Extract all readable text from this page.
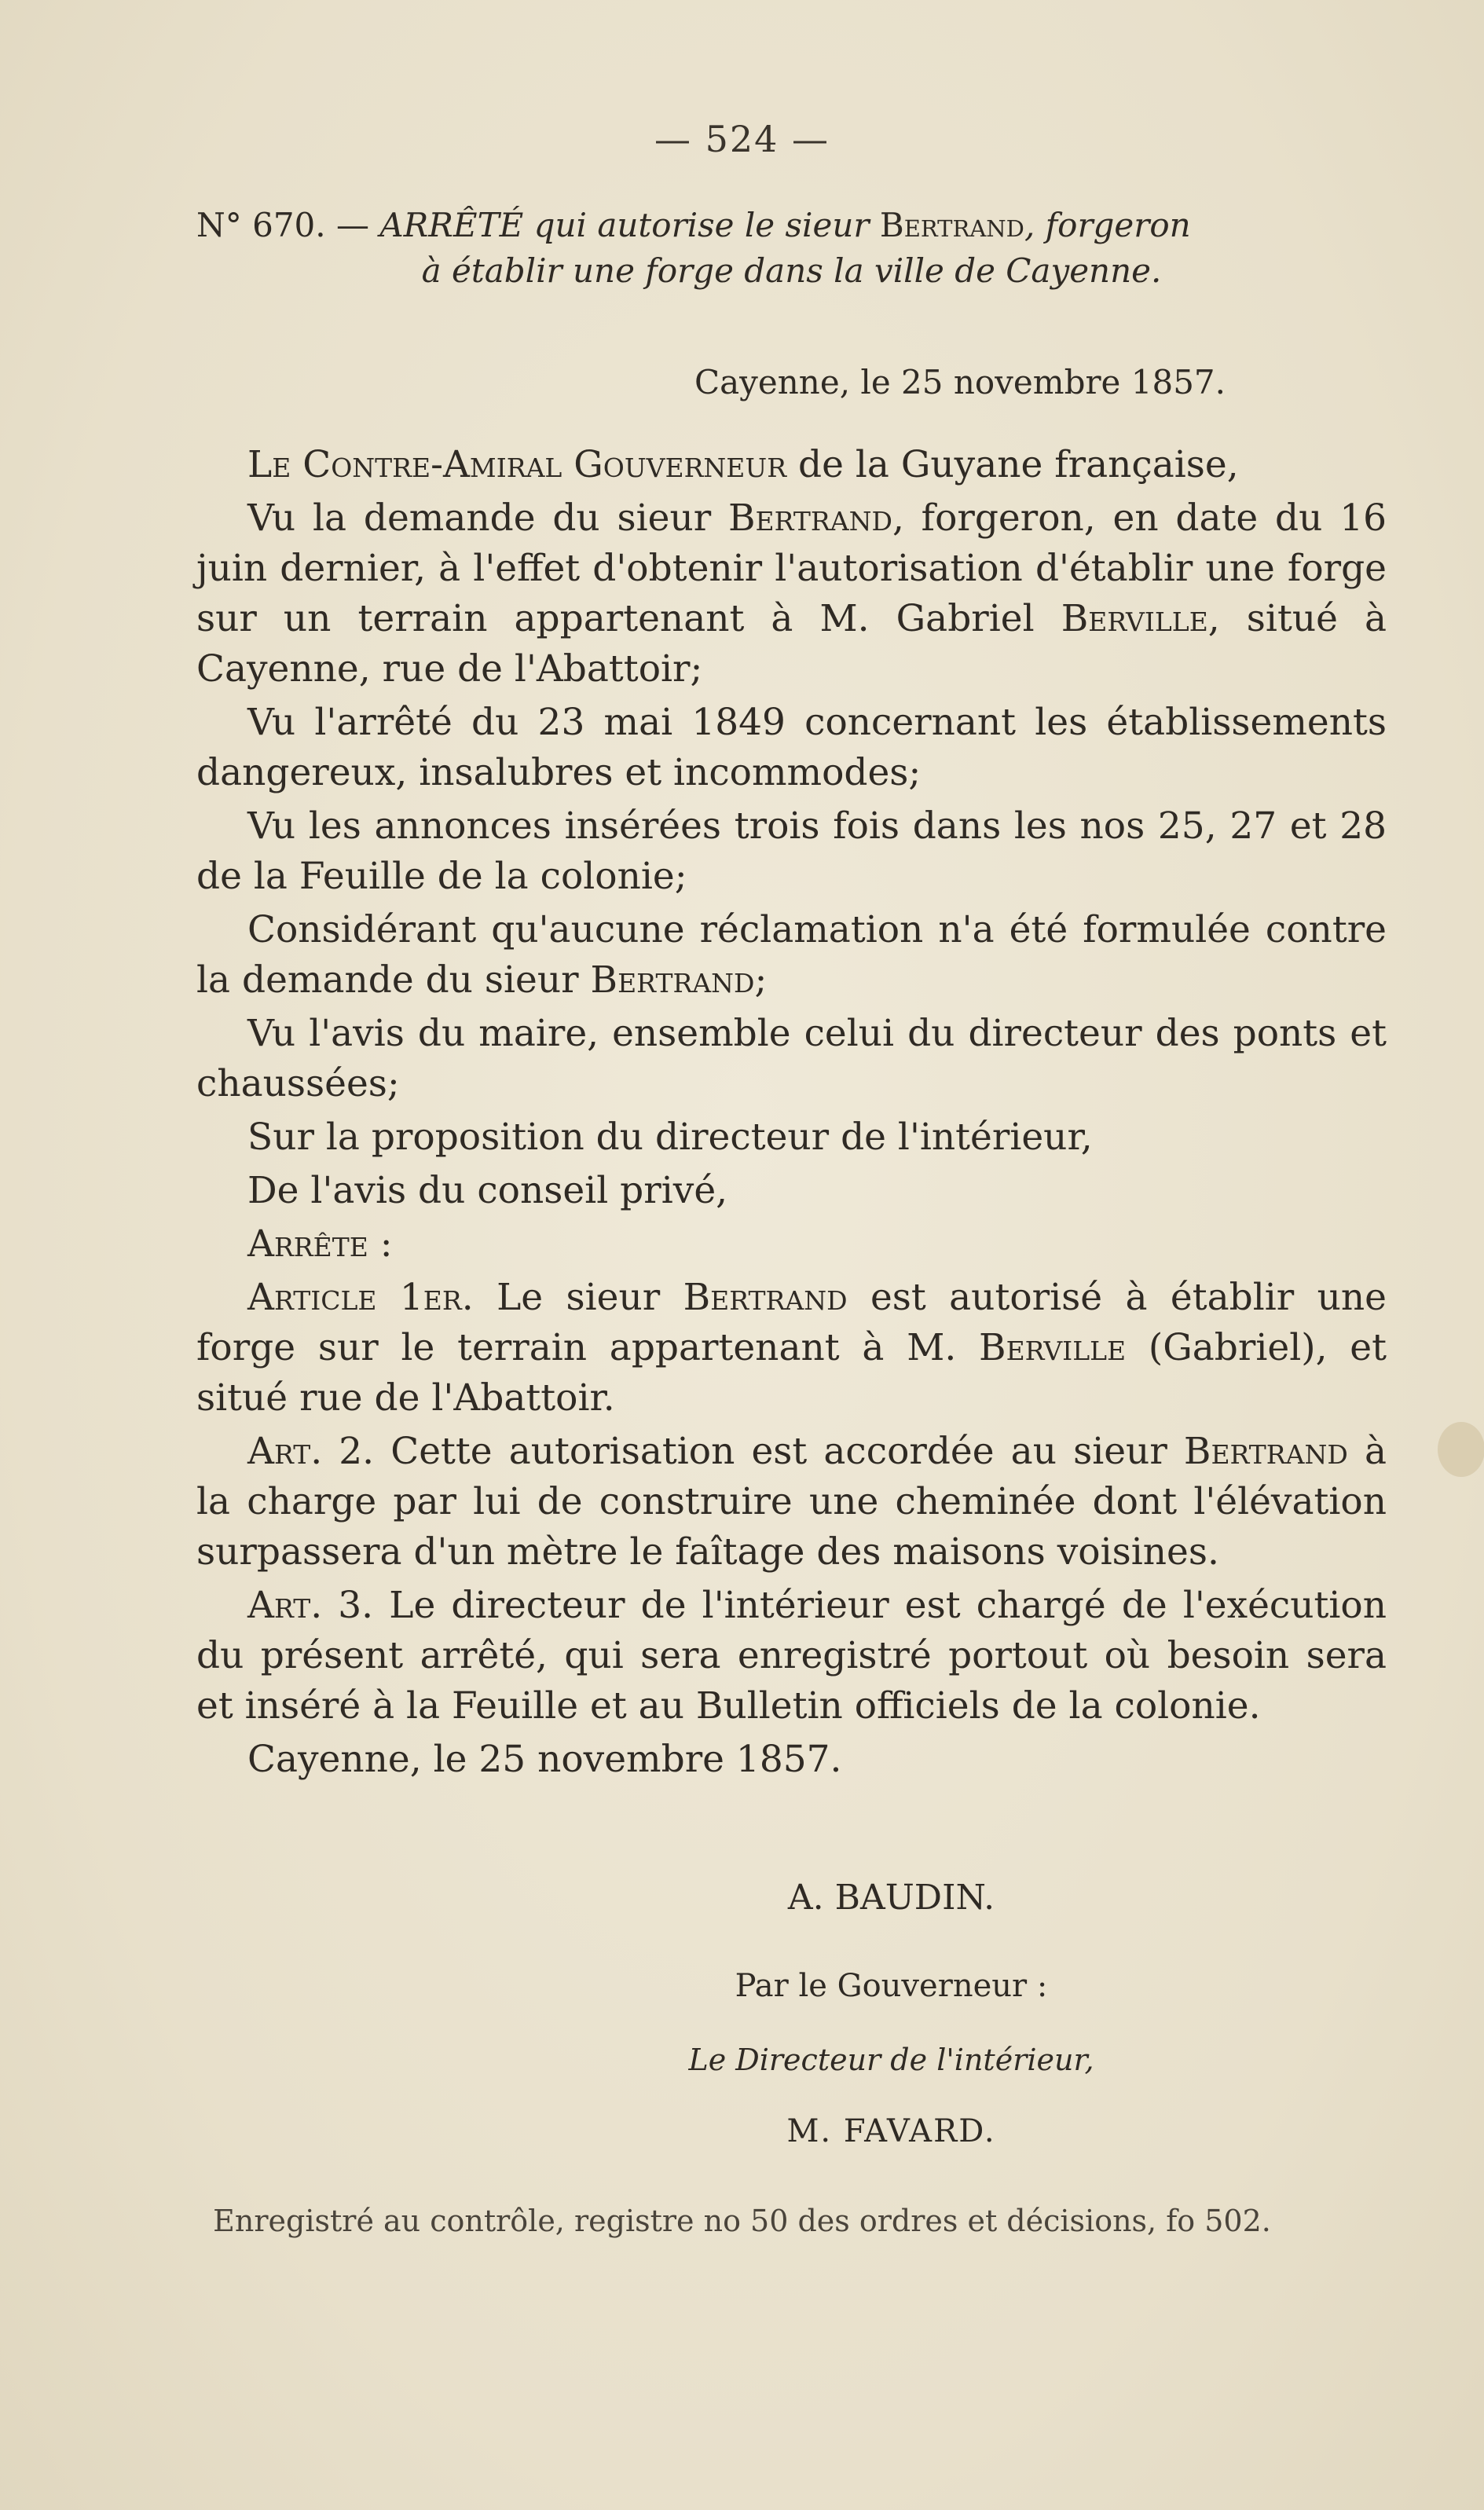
— 524 —
N° 670. — ARRÊTÉ qui autorise le sieur Bertrand, forgeron
à établir une forge dans la ville de Cayenne.
Cayenne, le 25 novembre 1857.

Le Contre-Amiral Gouverneur de la Guyane française,

Vu la demande du sieur Bertrand, forgeron, en date du 16 juin dernier, à l'effet d'obtenir l'autorisation d'établir une forge sur un terrain appartenant à M. Gabriel Berville, situé à Cayenne, rue de l'Abattoir;

Vu l'arrêté du 23 mai 1849 concernant les établissements dangereux, insalubres et incommodes;

Vu les annonces insérées trois fois dans les nos 25, 27 et 28 de la Feuille de la colonie;

Considérant qu'aucune réclamation n'a été formulée contre la demande du sieur Bertrand;

Vu l'avis du maire, ensemble celui du directeur des ponts et chaussées;

Sur la proposition du directeur de l'intérieur,

De l'avis du conseil privé,

Arrête :

Article 1er. Le sieur Bertrand est autorisé à établir une forge sur le terrain appartenant à M. Berville (Gabriel), et situé rue de l'Abattoir.

Art. 2. Cette autorisation est accordée au sieur Bertrand à la charge par lui de construire une cheminée dont l'élévation surpassera d'un mètre le faîtage des maisons voisines.

Art. 3. Le directeur de l'intérieur est chargé de l'exécution du présent arrêté, qui sera enregistré portout où besoin sera et inséré à la Feuille et au Bulletin officiels de la colonie.

Cayenne, le 25 novembre 1857.

A. BAUDIN.
Par le Gouverneur :
Le Directeur de l'intérieur,
M. FAVARD.
Enregistré au contrôle, registre no 50 des ordres et décisions, fo 502.
